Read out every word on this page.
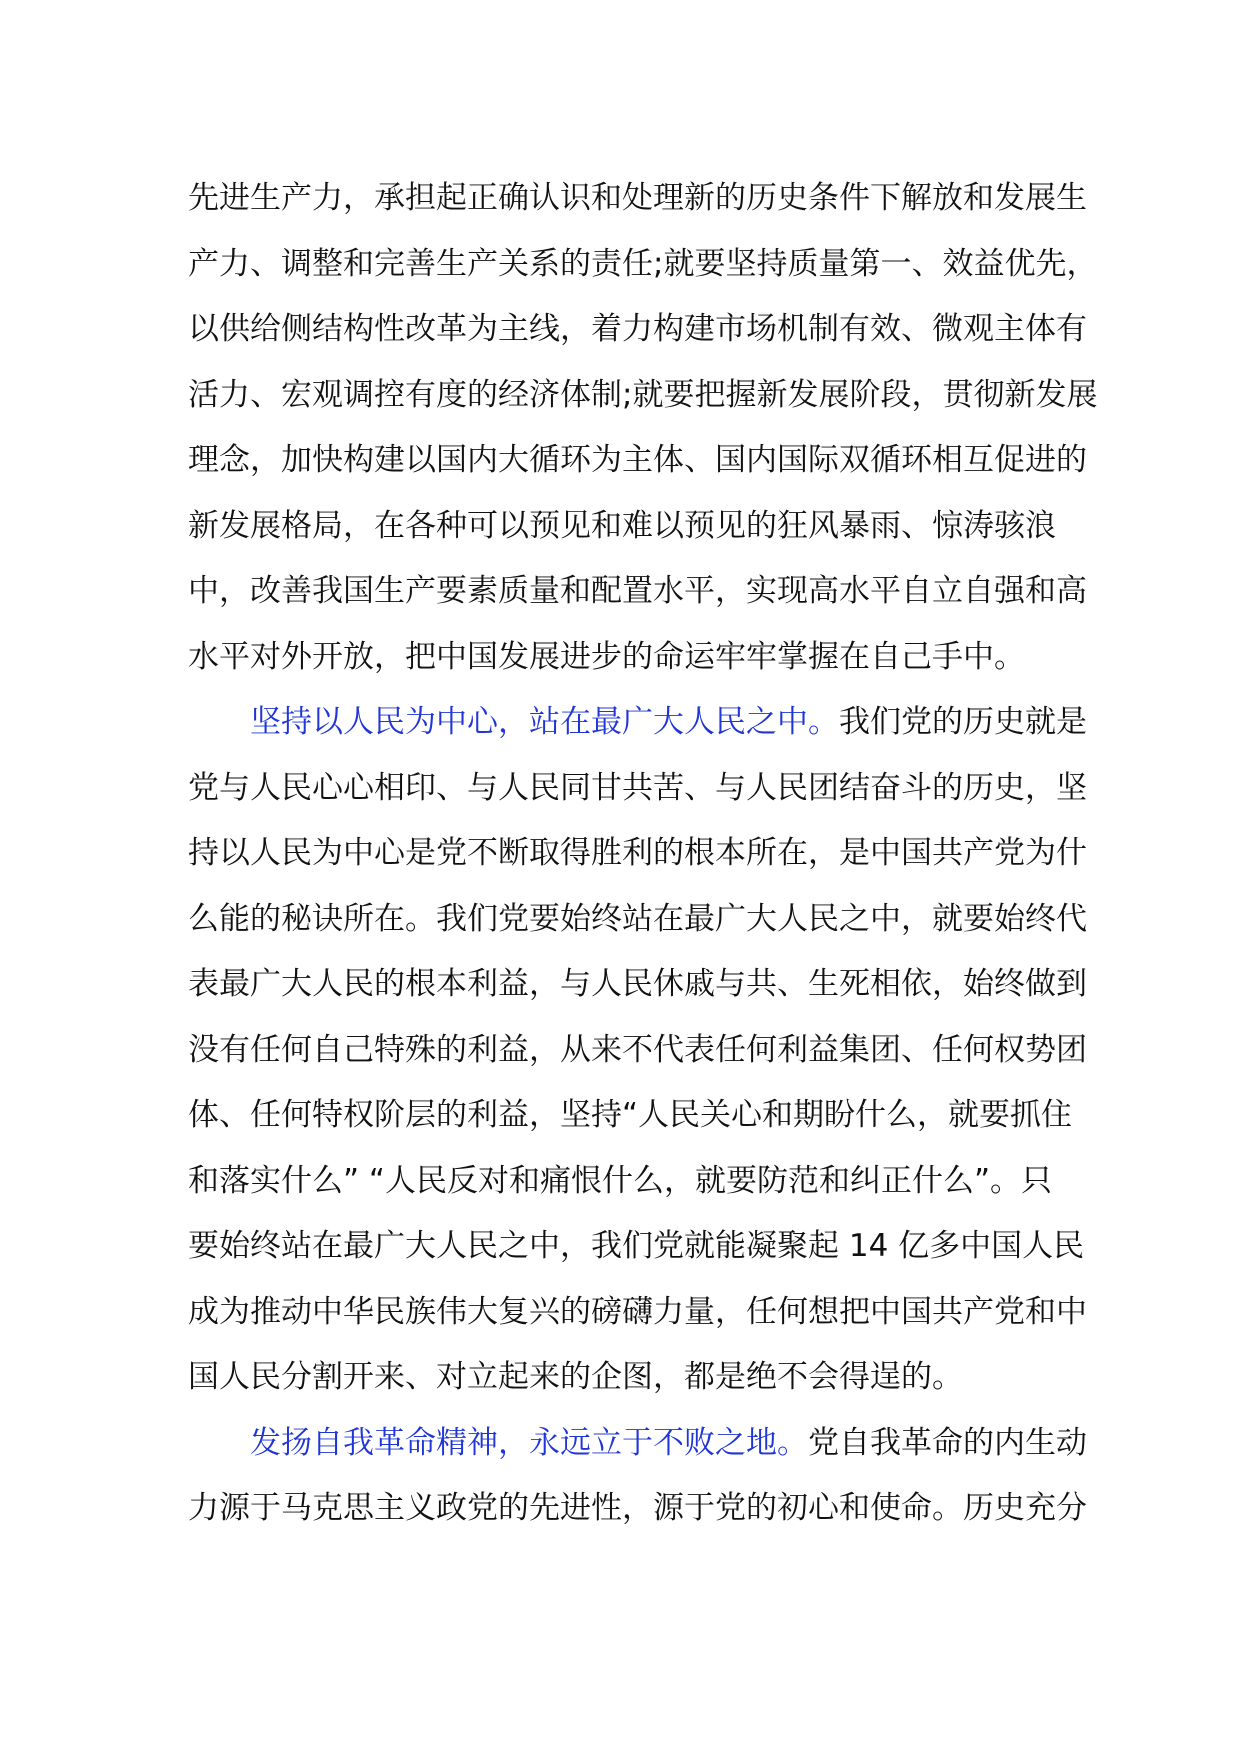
先进生产力，承担起正确认识和处理新的历史条件下解放和发展生
产力、调整和完善生产关系的责任;就要坚持质量第一、效益优先，
以供给侧结构性改革为主线，着力构建市场机制有效、微观主体有
活力、宏观调控有度的经济体制;就要把握新发展阶段，贯彻新发展
理念，加快构建以国内大循环为主体、国内国际双循环相互促进的
新发展格局，在各种可以预见和难以预见的狂风暴雨、惊涛骇浪
中，改善我国生产要素质量和配置水平，实现高水平自立自强和高
水平对外开放，把中国发展进步的命运牢牢掌握在自己手中。
坚持以人民为中心，站在最广大人民之中。我们党的历史就是
党与人民心心相印、与人民同甘共苦、与人民团结奋斗的历史，坚
持以人民为中心是党不断取得胜利的根本所在，是中国共产党为什
么能的秘诀所在。我们党要始终站在最广大人民之中，就要始终代
表最广大人民的根本利益，与人民休戚与共、生死相依，始终做到
没有任何自己特殊的利益，从来不代表任何利益集团、任何权势团
体、任何特权阶层的利益，坚持“人民关心和期盼什么，就要抓住
和落实什么” “人民反对和痛恨什么，就要防范和纠正什么”。只
要始终站在最广大人民之中，我们党就能凝聚起 14 亿多中国人民
成为推动中华民族伟大复兴的磅礴力量，任何想把中国共产党和中
国人民分割开来、对立起来的企图，都是绝不会得逞的。
发扬自我革命精神，永远立于不败之地。党自我革命的内生动
力源于马克思主义政党的先进性，源于党的初心和使命。历史充分
